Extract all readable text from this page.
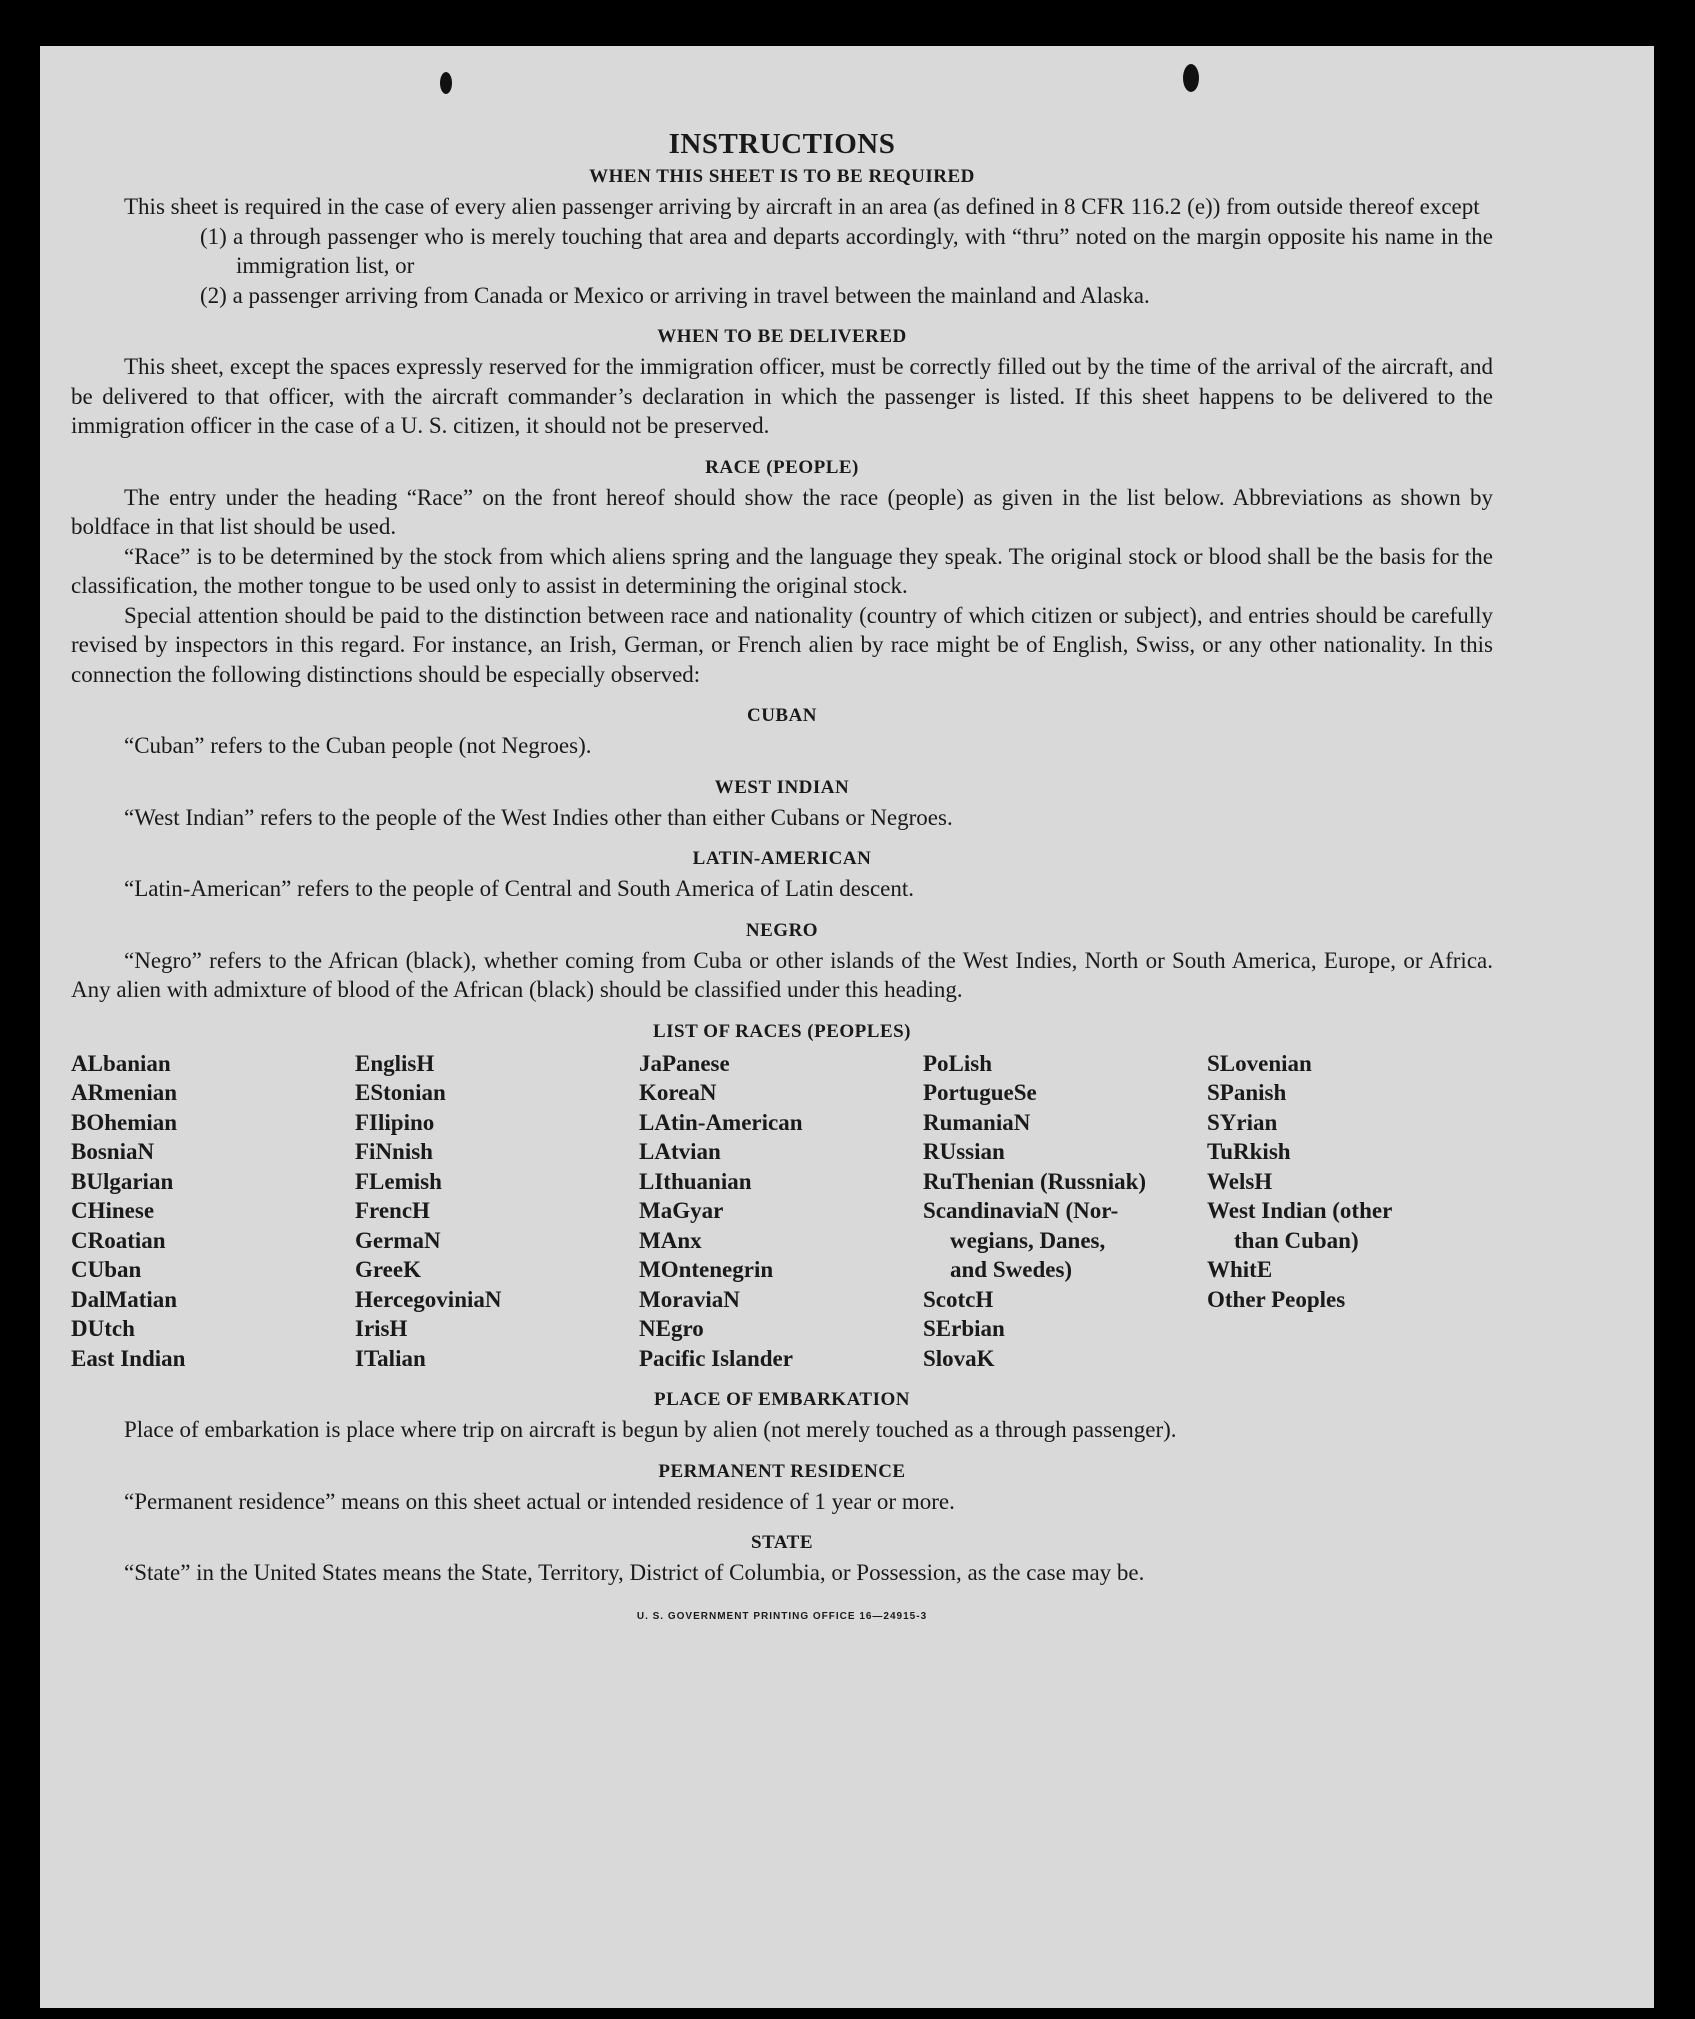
INSTRUCTIONS
WHEN THIS SHEET IS TO BE REQUIRED

This sheet is required in the case of every alien passenger arriving by aircraft in an area (as defined in 8 CFR 116.2 (e)) from outside thereof except

(1) a through passenger who is merely touching that area and departs accordingly, with “thru” noted on the margin opposite his name in the immigration list, or

(2) a passenger arriving from Canada or Mexico or arriving in travel between the mainland and Alaska.

WHEN TO BE DELIVERED

This sheet, except the spaces expressly reserved for the immigration officer, must be correctly filled out by the time of the arrival of the aircraft, and be delivered to that officer, with the aircraft commander’s declaration in which the passenger is listed. If this sheet happens to be delivered to the immigration officer in the case of a U. S. citizen, it should not be preserved.

RACE (PEOPLE)

The entry under the heading “Race” on the front hereof should show the race (people) as given in the list below. Abbreviations as shown by boldface in that list should be used.

“Race” is to be determined by the stock from which aliens spring and the language they speak. The original stock or blood shall be the basis for the classification, the mother tongue to be used only to assist in determining the original stock.

Special attention should be paid to the distinction between race and nationality (country of which citizen or subject), and entries should be carefully revised by inspectors in this regard. For instance, an Irish, German, or French alien by race might be of English, Swiss, or any other nationality. In this connection the following distinctions should be especially observed:

CUBAN

“Cuban” refers to the Cuban people (not Negroes).

WEST INDIAN

“West Indian” refers to the people of the West Indies other than either Cubans or Negroes.

LATIN-AMERICAN

“Latin-American” refers to the people of Central and South America of Latin descent.

NEGRO

“Negro” refers to the African (black), whether coming from Cuba or other islands of the West Indies, North or South America, Europe, or Africa. Any alien with admixture of blood of the African (black) should be classified under this heading.

LIST OF RACES (PEOPLES)
ALbanian	EnglisH	JaPanese	PoLish	SLovenian
ARmenian	EStonian	KoreaN	PortugueSe	SPanish
BOhemian	FIlipino	LAtin-American	RumaniaN	SYrian
BosniaN	FiNnish	LAtvian	RUssian	TuRkish
BUlgarian	FLemish	LIthuanian	RuThenian (Russniak)	WelsH
CHinese	FrencH	MaGyar	ScandinaviaN (Nor-	West Indian (other
CRoatian	GermaN	MAnx	wegians, Danes,	than Cuban)
CUban	GreeK	MOntenegrin	and Swedes)	WhitE
DalMatian	HercegoviniaN	MoraviaN	ScotcH	Other Peoples
DUtch	IrisH	NEgro	SErbian
East Indian	ITalian	Pacific Islander	SlovaK
PLACE OF EMBARKATION

Place of embarkation is place where trip on aircraft is begun by alien (not merely touched as a through passenger).

PERMANENT RESIDENCE

“Permanent residence” means on this sheet actual or intended residence of 1 year or more.

STATE

“State” in the United States means the State, Territory, District of Columbia, or Possession, as the case may be.

U. S. GOVERNMENT PRINTING OFFICE 16—24915-3
